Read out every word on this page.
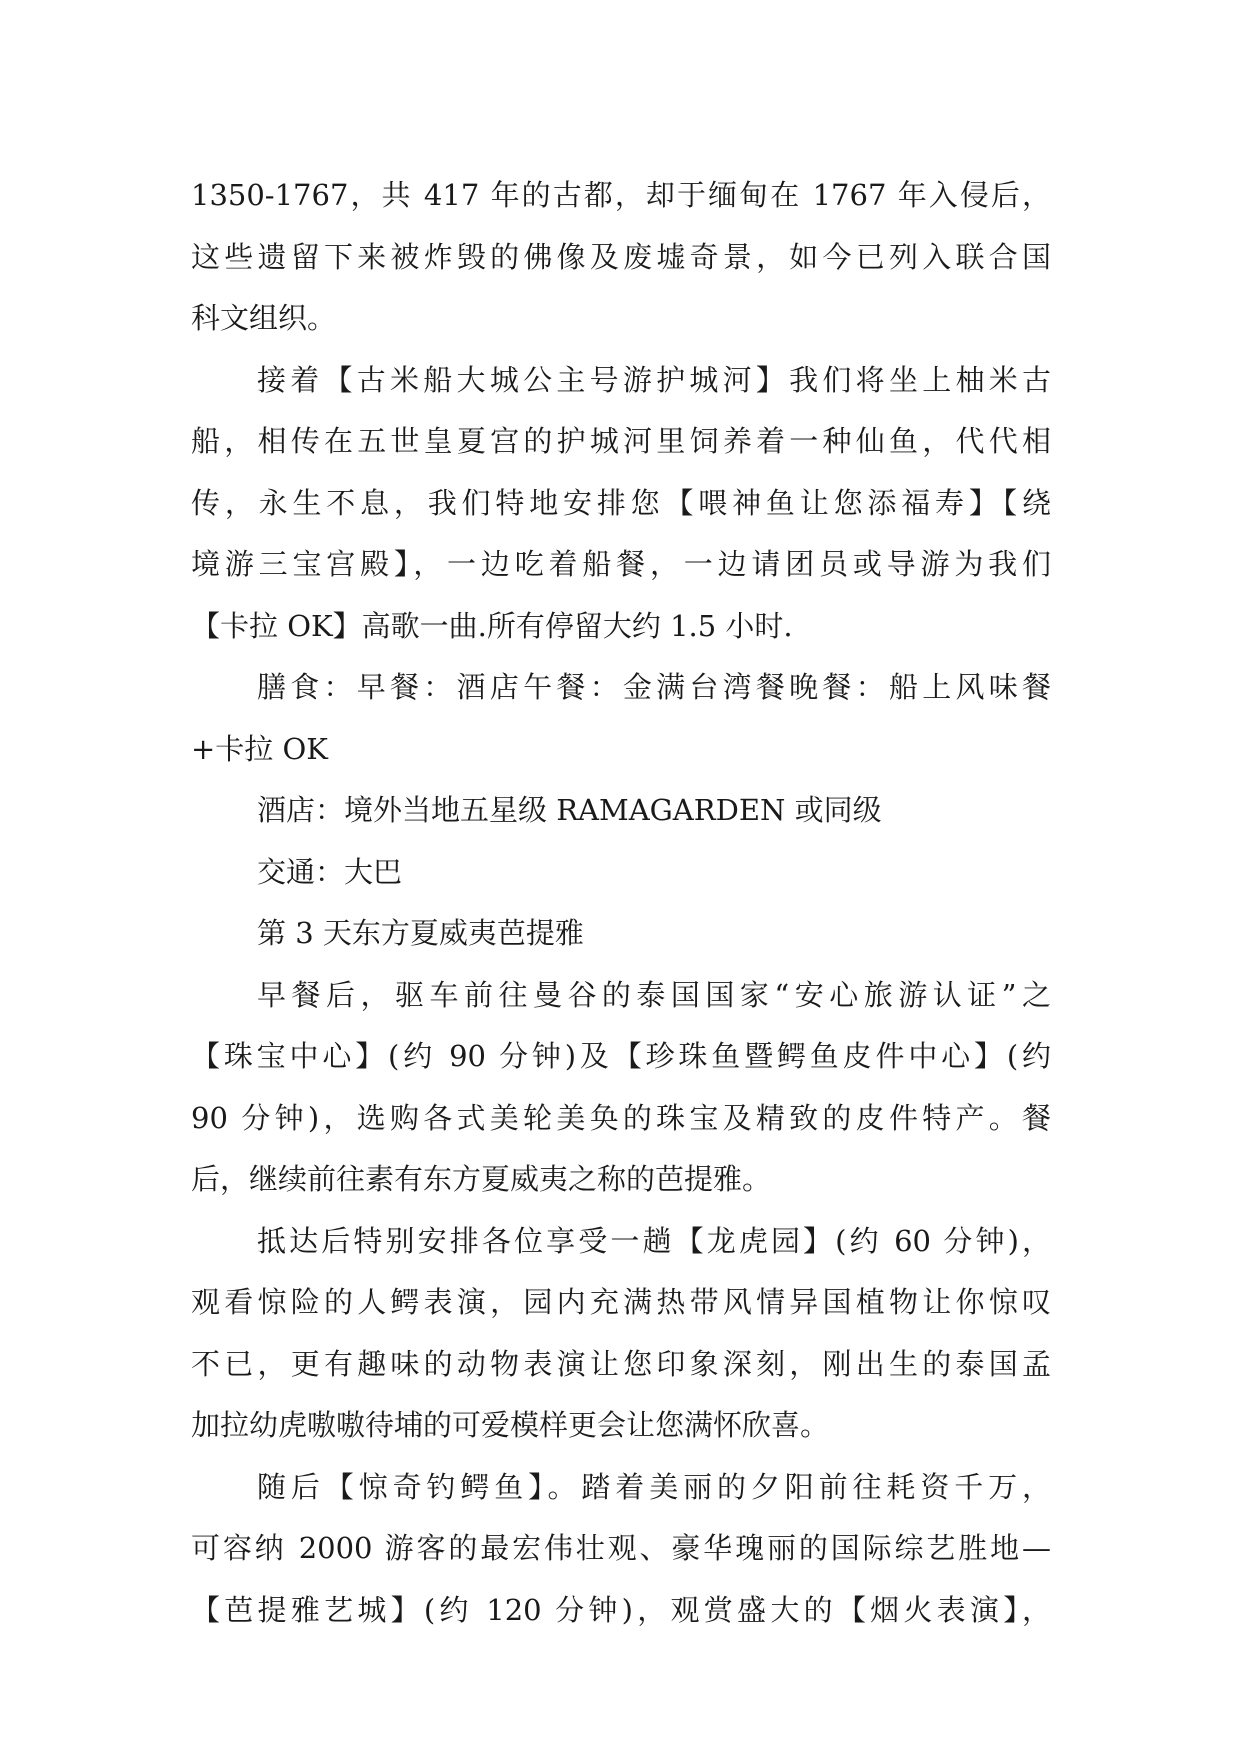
1350-1767，共 417 年的古都，却于缅甸在 1767 年入侵后，
这些遗留下来被炸毁的佛像及废墟奇景，如今已列入联合国
科文组织。
接着【古米船大城公主号游护城河】我们将坐上柚米古
船，相传在五世皇夏宫的护城河里饲养着一种仙鱼，代代相
传，永生不息，我们特地安排您【喂神鱼让您添福寿】【绕
境游三宝宫殿】，一边吃着船餐，一边请团员或导游为我们
【卡拉 OK】高歌一曲.所有停留大约 1.5 小时.
膳食：早餐：酒店午餐：金满台湾餐晚餐：船上风味餐
+卡拉 OK
酒店：境外当地五星级 RAMAGARDEN 或同级
交通：大巴
第 3 天东方夏威夷芭提雅
早餐后，驱车前往曼谷的泰国国家“安心旅游认证”之
【珠宝中心】(约 90 分钟)及【珍珠鱼暨鳄鱼皮件中心】(约
90 分钟)，选购各式美轮美奂的珠宝及精致的皮件特产。餐
后，继续前往素有东方夏威夷之称的芭提雅。
抵达后特别安排各位享受一趟【龙虎园】(约 60 分钟)，
观看惊险的人鳄表演，园内充满热带风情异国植物让你惊叹
不已，更有趣味的动物表演让您印象深刻，刚出生的泰国孟
加拉幼虎嗷嗷待埔的可爱模样更会让您满怀欣喜。
随后【惊奇钓鳄鱼】。踏着美丽的夕阳前往耗资千万，
可容纳 2000 游客的最宏伟壮观、豪华瑰丽的国际综艺胜地—
【芭提雅艺城】(约 120 分钟)，观赏盛大的【烟火表演】，
